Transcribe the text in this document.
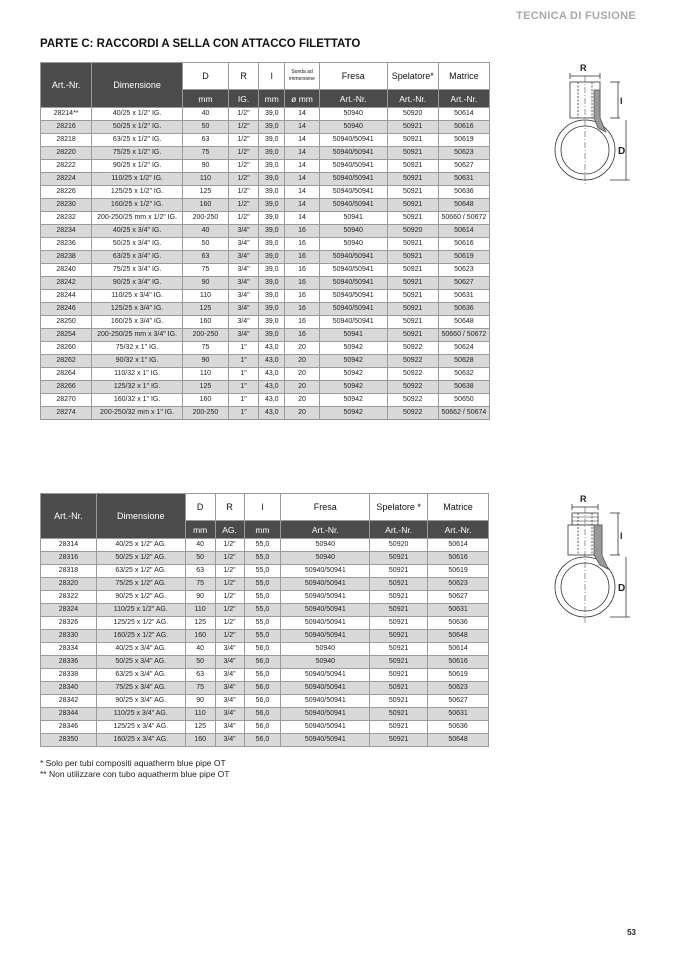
TECNICA DI FUSIONE
PARTE C: RACCORDI A SELLA CON ATTACCO FILETTATO
Art.-Nr.	Dimensione	D	R	l	Sonda ad immersione	Fresa	Spelatore*	Matrice
		mm	IG.	mm	ø mm	Art.-Nr.	Art.-Nr.	Art.-Nr.
28214**	40/25 x 1/2" IG.	40	1/2"	39,0	14	50940	50920	50614
28216	50/25 x 1/2" IG.	50	1/2"	39,0	14	50940	50921	50616
28218	63/25 x 1/2" IG.	63	1/2"	39,0	14	50940/50941	50921	50619
28220	75/25 x 1/2" IG.	75	1/2"	39,0	14	50940/50941	50921	50623
28222	90/25 x 1/2" IG.	90	1/2"	39,0	14	50940/50941	50921	50627
28224	110/25 x 1/2" IG.	110	1/2"	39,0	14	50940/50941	50921	50631
28226	125/25 x 1/2" IG.	125	1/2"	39,0	14	50940/50941	50921	50636
28230	160/25 x 1/2" IG.	160	1/2"	39,0	14	50940/50941	50921	50648
28232	200-250/25 mm x 1/2" IG.	200-250	1/2"	39,0	14	50941	50921	50660 / 50672
28234	40/25 x 3/4" IG.	40	3/4"	39,0	16	50940	50920	50614
28236	50/25 x 3/4" IG.	50	3/4"	39,0	16	50940	50921	50616
28238	63/25 x 3/4" IG.	63	3/4"	39,0	16	50940/50941	50921	50619
28240	75/25 x 3/4" IG.	75	3/4"	39,0	16	50940/50941	50921	50623
28242	90/25 x 3/4" IG.	90	3/4"	39,0	16	50940/50941	50921	50627
28244	110/25 x 3/4" IG.	110	3/4"	39,0	16	50940/50941	50921	50631
28246	125/25 x 3/4" IG.	125	3/4"	39,0	16	50940/50941	50921	50636
28250	160/25 x 3/4" IG.	160	3/4"	39,0	16	50940/50941	50921	50648
28254	200-250/25 mm x 3/4" IG.	200-250	3/4"	39,0	16	50941	50921	50660 / 50672
28260	75/32 x 1" IG.	75	1"	43,0	20	50942	50922	50624
28262	90/32 x 1" IG.	90	1"	43,0	20	50942	50922	50628
28264	110/32 x 1" IG.	110	1"	43,0	20	50942	50922	50632
28266	125/32 x 1" IG.	125	1"	43,0	20	50942	50922	50638
28270	160/32 x 1" IG.	160	1"	43,0	20	50942	50922	50650
28274	200-250/32 mm x 1" IG.	200-250	1"	43,0	20	50942	50922	50662 / 50674
R
l
D
Art.-Nr.	Dimensione	D	R	l	Fresa	Spelatore *	Matrice
		mm	AG.	mm	Art.-Nr.	Art.-Nr.	Art.-Nr.
28314	40/25 x 1/2" AG.	40	1/2"	55,0	50940	50920	50614
28316	50/25 x 1/2" AG.	50	1/2"	55,0	50940	50921	50616
28318	63/25 x 1/2" AG.	63	1/2"	55,0	50940/50941	50921	50619
28320	75/25 x 1/2" AG.	75	1/2"	55,0	50940/50941	50921	50623
28322	90/25 x 1/2" AG.	90	1/2"	55,0	50940/50941	50921	50627
28324	110/25 x 1/2" AG.	110	1/2"	55,0	50940/50941	50921	50631
28326	125/25 x 1/2" AG.	125	1/2"	55,0	50940/50941	50921	50636
28330	160/25 x 1/2" AG.	160	1/2"	55,0	50940/50941	50921	50648
28334	40/25 x 3/4" AG.	40	3/4"	56,0	50940	50921	50614
28336	50/25 x 3/4" AG.	50	3/4"	56,0	50940	50921	50616
28338	63/25 x 3/4" AG.	63	3/4"	56,0	50940/50941	50921	50619
28340	75/25 x 3/4" AG.	75	3/4"	56,0	50940/50941	50921	50623
28342	90/25 x 3/4" AG.	90	3/4"	56,0	50940/50941	50921	50627
28344	110/25 x 3/4" AG.	110	3/4"	56,0	50940/50941	50921	50631
28346	125/25 x 3/4" AG.	125	3/4"	56,0	50940/50941	50921	50636
28350	160/25 x 3/4" AG.	160	3/4"	56,0	50940/50941	50921	50648
R
l
D
* Solo per tubi compositi aquatherm blue pipe OT
** Non utilizzare con tubo aquatherm blue pipe OT
53
